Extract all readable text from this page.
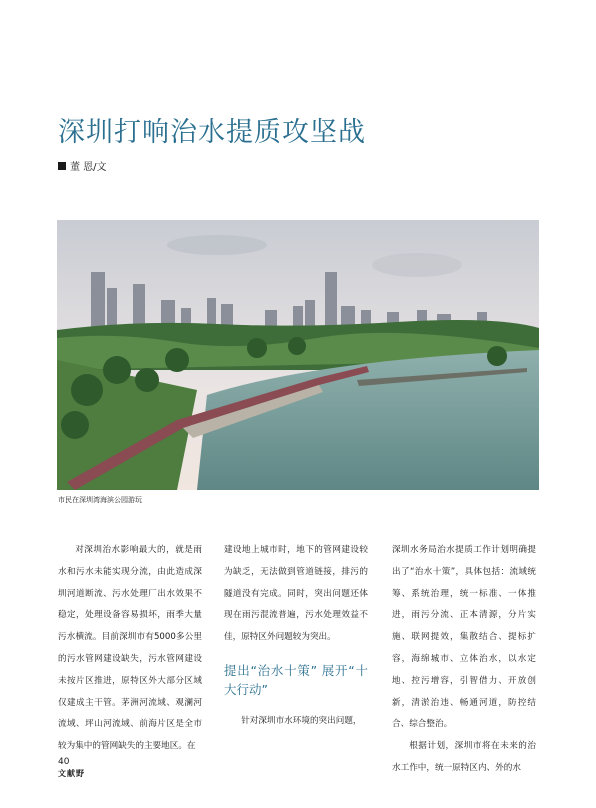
深圳打响治水提质攻坚战
董 恩/文
市民在深圳湾海滨公园游玩

对深圳治水影响最大的，就是雨水和污水未能实现分流，由此造成深圳河道断流、污水处理厂出水效果不稳定，处理设备容易损坏，雨季大量污水横流。目前深圳市有5000多公里的污水管网建设缺失，污水管网建设未按片区推进，原特区外大部分区域仅建成主干管。茅洲河流域、观澜河流域、坪山河流域、前海片区是全市较为集中的管网缺失的主要地区。在

建设地上城市时，地下的管网建设较为缺乏，无法做到管道链接，排污的隧道没有完成。同时，突出问题还体现在雨污混流普遍，污水处理效益不佳，原特区外问题较为突出。

提出“治水十策” 展开“十大行动”

针对深圳市水环境的突出问题，

深圳水务局治水提质工作计划明确提出了“治水十策”，具体包括：流域统筹、系统治理，统一标准、一体推进，雨污分流、正本清源，分片实施、联网提效，集散结合、提标扩容，海绵城市、立体治水，以水定地、控污增容，引智借力、开放创新，清淤治违、畅通河道，防控结合、综合整治。

根据计划，深圳市将在未来的治水工作中，统一原特区内、外的水

40
文献野
